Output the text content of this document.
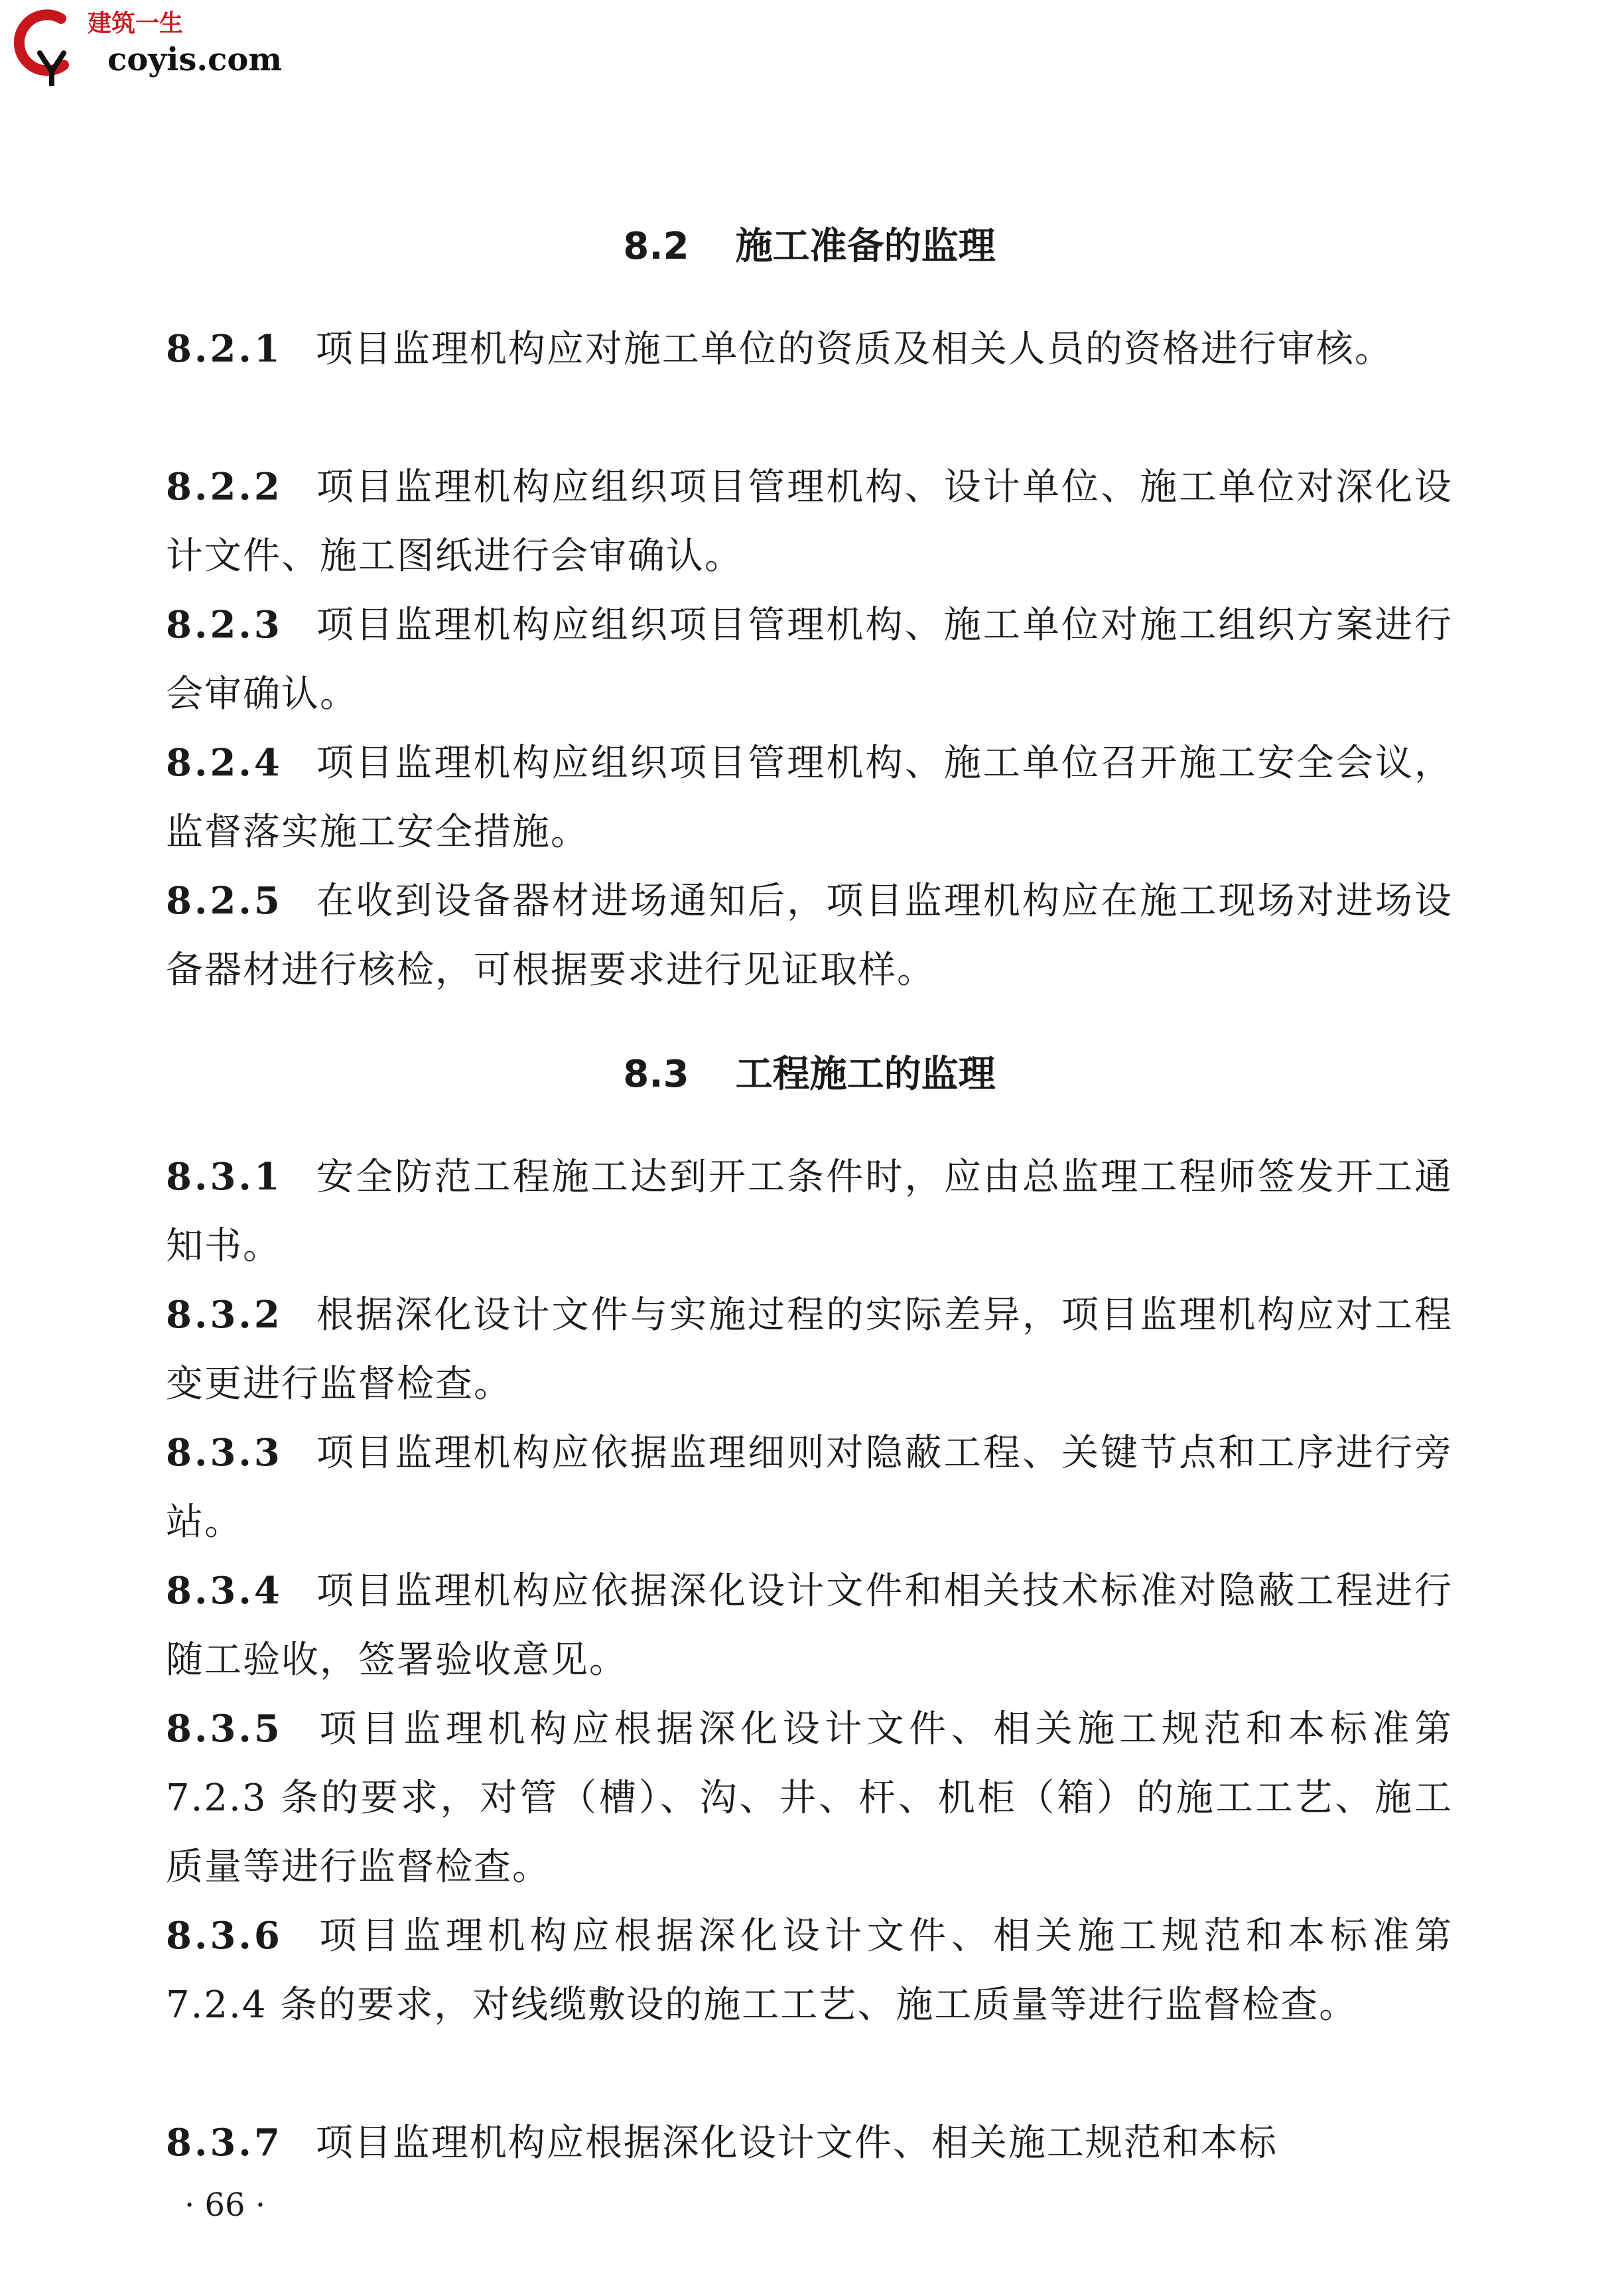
建筑一生
coyis.com
8.2 施工准备的监理
8.2.1 项目监理机构应对施工单位的资质及相关人员的资格进行审核。
8.2.2 项目监理机构应组织项目管理机构、设计单位、施工单位对深化设计文件、施工图纸进行会审确认。
8.2.3 项目监理机构应组织项目管理机构、施工单位对施工组织方案进行会审确认。
8.2.4 项目监理机构应组织项目管理机构、施工单位召开施工安全会议，监督落实施工安全措施。
8.2.5 在收到设备器材进场通知后，项目监理机构应在施工现场对进场设备器材进行核检，可根据要求进行见证取样。
8.3 工程施工的监理
8.3.1 安全防范工程施工达到开工条件时，应由总监理工程师签发开工通知书。
8.3.2 根据深化设计文件与实施过程的实际差异，项目监理机构应对工程变更进行监督检查。
8.3.3 项目监理机构应依据监理细则对隐蔽工程、关键节点和工序进行旁站。
8.3.4 项目监理机构应依据深化设计文件和相关技术标准对隐蔽工程进行随工验收，签署验收意见。
8.3.5 项目监理机构应根据深化设计文件、相关施工规范和本标准第 7.2.3 条的要求，对管（槽）、沟、井、杆、机柜（箱）的施工工艺、施工质量等进行监督检查。
8.3.6 项目监理机构应根据深化设计文件、相关施工规范和本标准第 7.2.4 条的要求，对线缆敷设的施工工艺、施工质量等进行监督检查。
8.3.7 项目监理机构应根据深化设计文件、相关施工规范和本标
· 66 ·
